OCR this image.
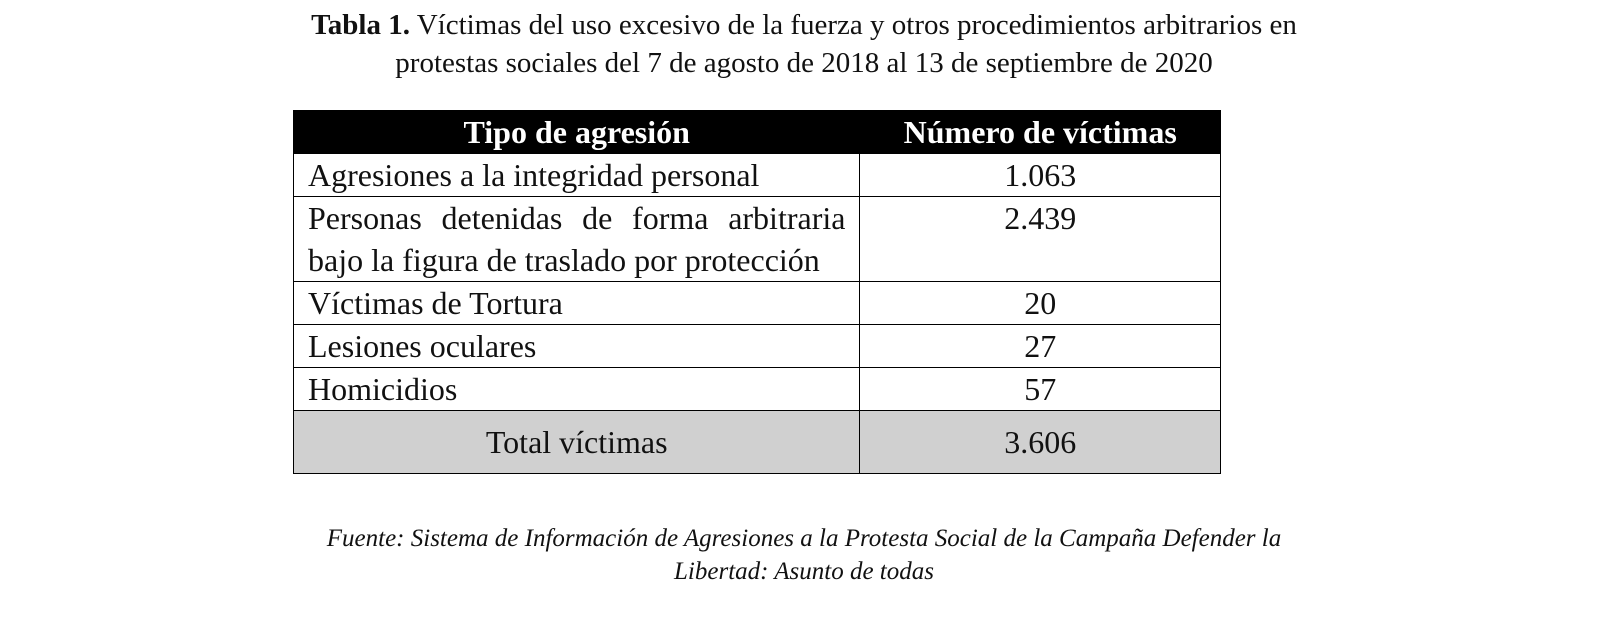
Tabla 1. Víctimas del uso excesivo de la fuerza y otros procedimientos arbitrarios en
protestas sociales del 7 de agosto de 2018 al 13 de septiembre de 2020
Tipo de agresión	Número de víctimas
Agresiones a la integridad personal	1.063
Personas detenidas de forma arbitraria bajo la figura de traslado por protección	2.439
Víctimas de Tortura	20
Lesiones oculares	27
Homicidios	57
Total víctimas	3.606
Fuente: Sistema de Información de Agresiones a la Protesta Social de la Campaña Defender la
Libertad: Asunto de todas
